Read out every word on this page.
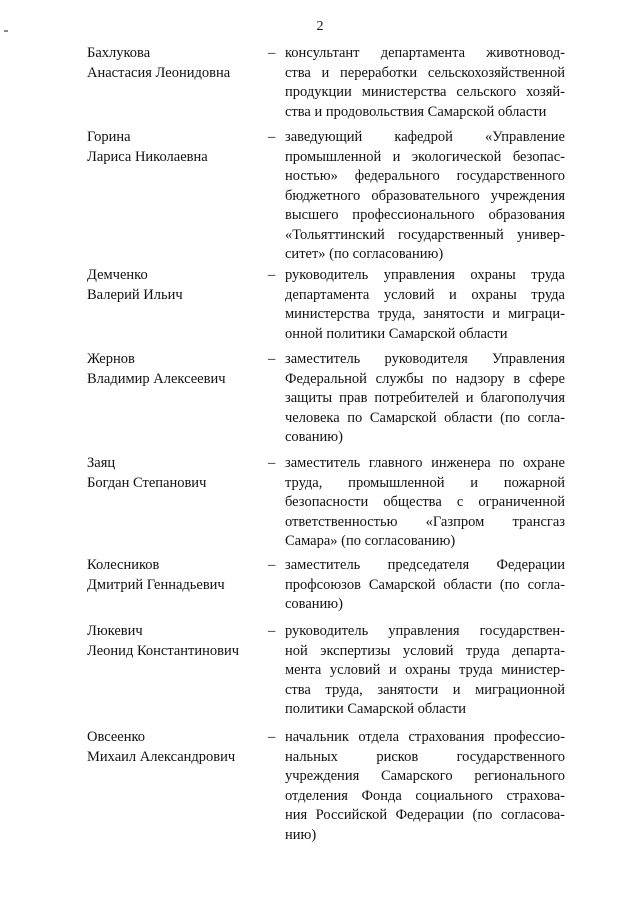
2
Бахлукова
Анастасия Леонидовна
– консультант департамента животновод-
ства и переработки сельскохозяйственной
продукции министерства сельского хозяй-
ства и продовольствия Самарской области
Горина
Лариса Николаевна
– заведующий кафедрой «Управление
промышленной и экологической безопас-
ностью» федерального государственного
бюджетного образовательного учреждения
высшего профессионального образования
«Тольяттинский государственный универ-
ситет» (по согласованию)
Демченко
Валерий Ильич
– руководитель управления охраны труда
департамента условий и охраны труда
министерства труда, занятости и миграци-
онной политики Самарской области
Жернов
Владимир Алексеевич
– заместитель руководителя Управления
Федеральной службы по надзору в сфере
защиты прав потребителей и благополучия
человека по Самарской области (по согла-
сованию)
Заяц
Богдан Степанович
– заместитель главного инженера по охране
труда, промышленной и пожарной
безопасности общества с ограниченной
ответственностью «Газпром трансгаз
Самара» (по согласованию)
Колесников
Дмитрий Геннадьевич
– заместитель председателя Федерации
профсоюзов Самарской области (по согла-
сованию)
Люкевич
Леонид Константинович
– руководитель управления государствен-
ной экспертизы условий труда департа-
мента условий и охраны труда министер-
ства труда, занятости и миграционной
политики Самарской области
Овсеенко
Михаил Александрович
– начальник отдела страхования профессио-
нальных рисков государственного
учреждения Самарского регионального
отделения Фонда социального страхова-
ния Российской Федерации (по согласова-
нию)
